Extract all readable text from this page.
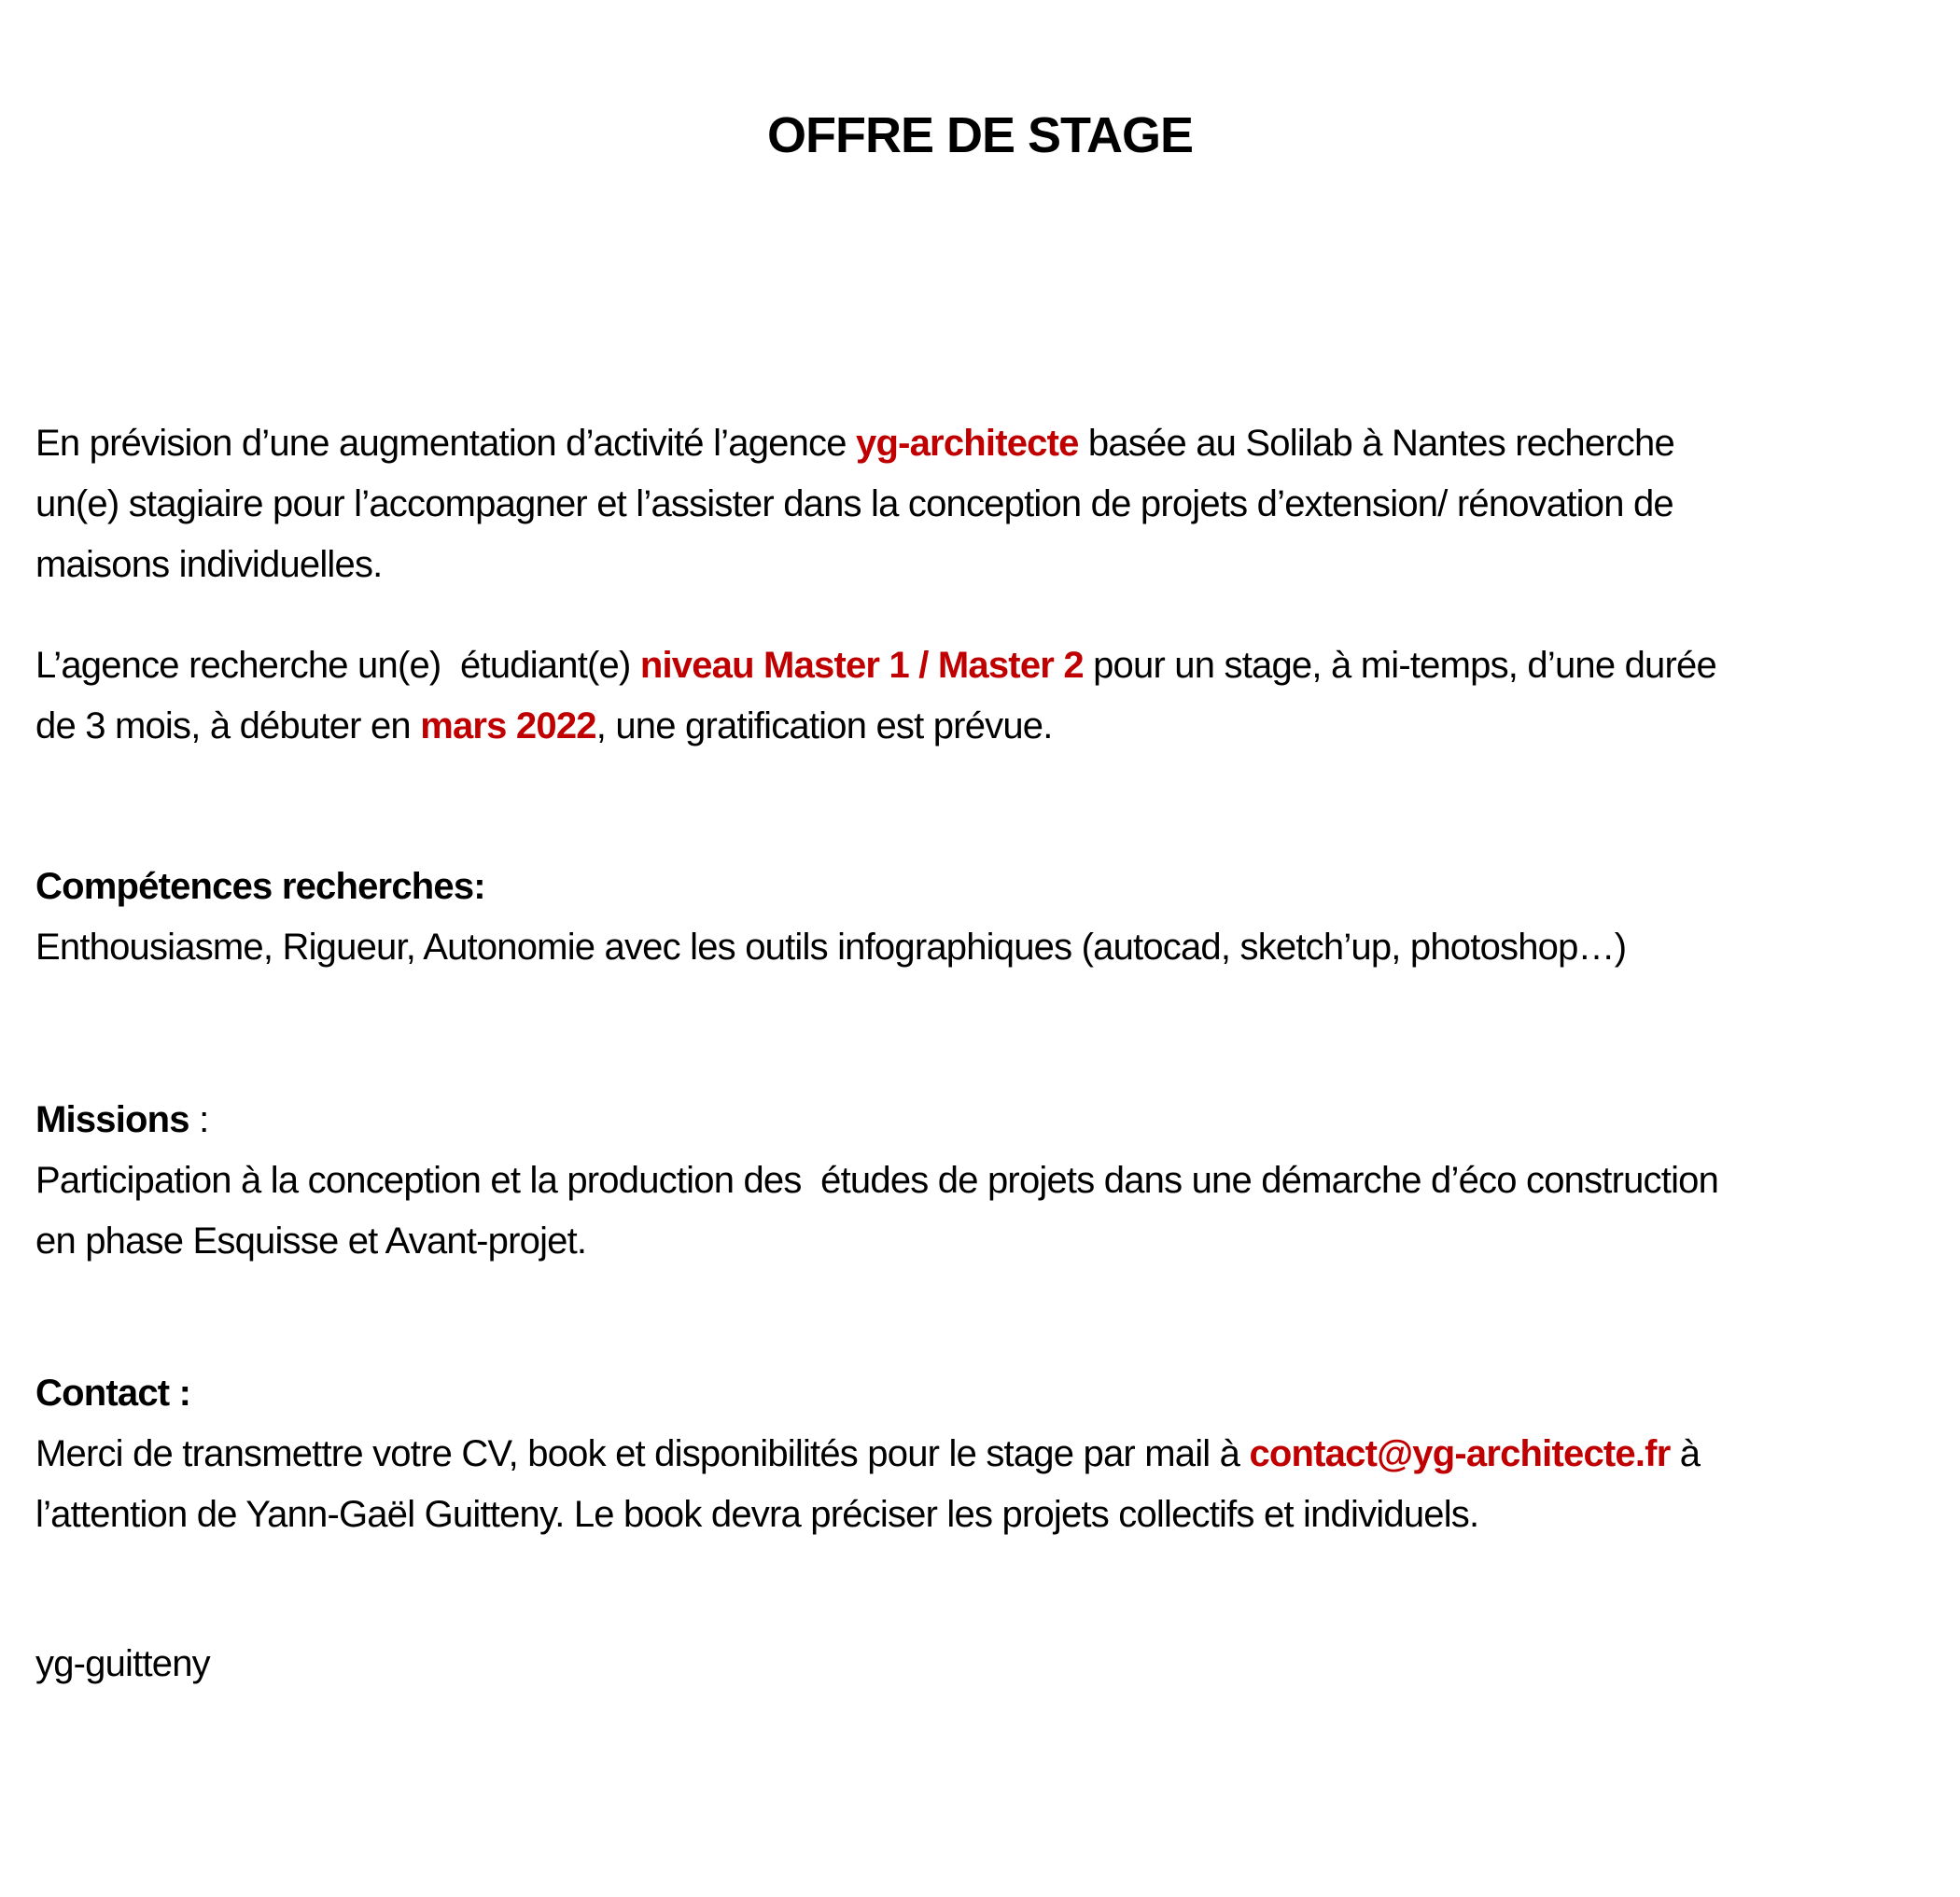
OFFRE DE STAGE
En prévision d’une augmentation d’activité l’agence yg-architecte basée au Solilab à Nantes recherche
un(e) stagiaire pour l’accompagner et l’assister dans la conception de projets d’extension/ rénovation de
maisons individuelles.
L’agence recherche un(e)  étudiant(e) niveau Master 1 / Master 2 pour un stage, à mi-temps, d’une durée
de 3 mois, à débuter en mars 2022, une gratification est prévue.
Compétences recherches:
Enthousiasme, Rigueur, Autonomie avec les outils infographiques (autocad, sketch’up, photoshop…)
Missions :
Participation à la conception et la production des  études de projets dans une démarche d’éco construction
en phase Esquisse et Avant-projet.
Contact :
Merci de transmettre votre CV, book et disponibilités pour le stage par mail à contact@yg-architecte.fr à
l’attention de Yann-Gaël Guitteny. Le book devra préciser les projets collectifs et individuels.
yg-guitteny
